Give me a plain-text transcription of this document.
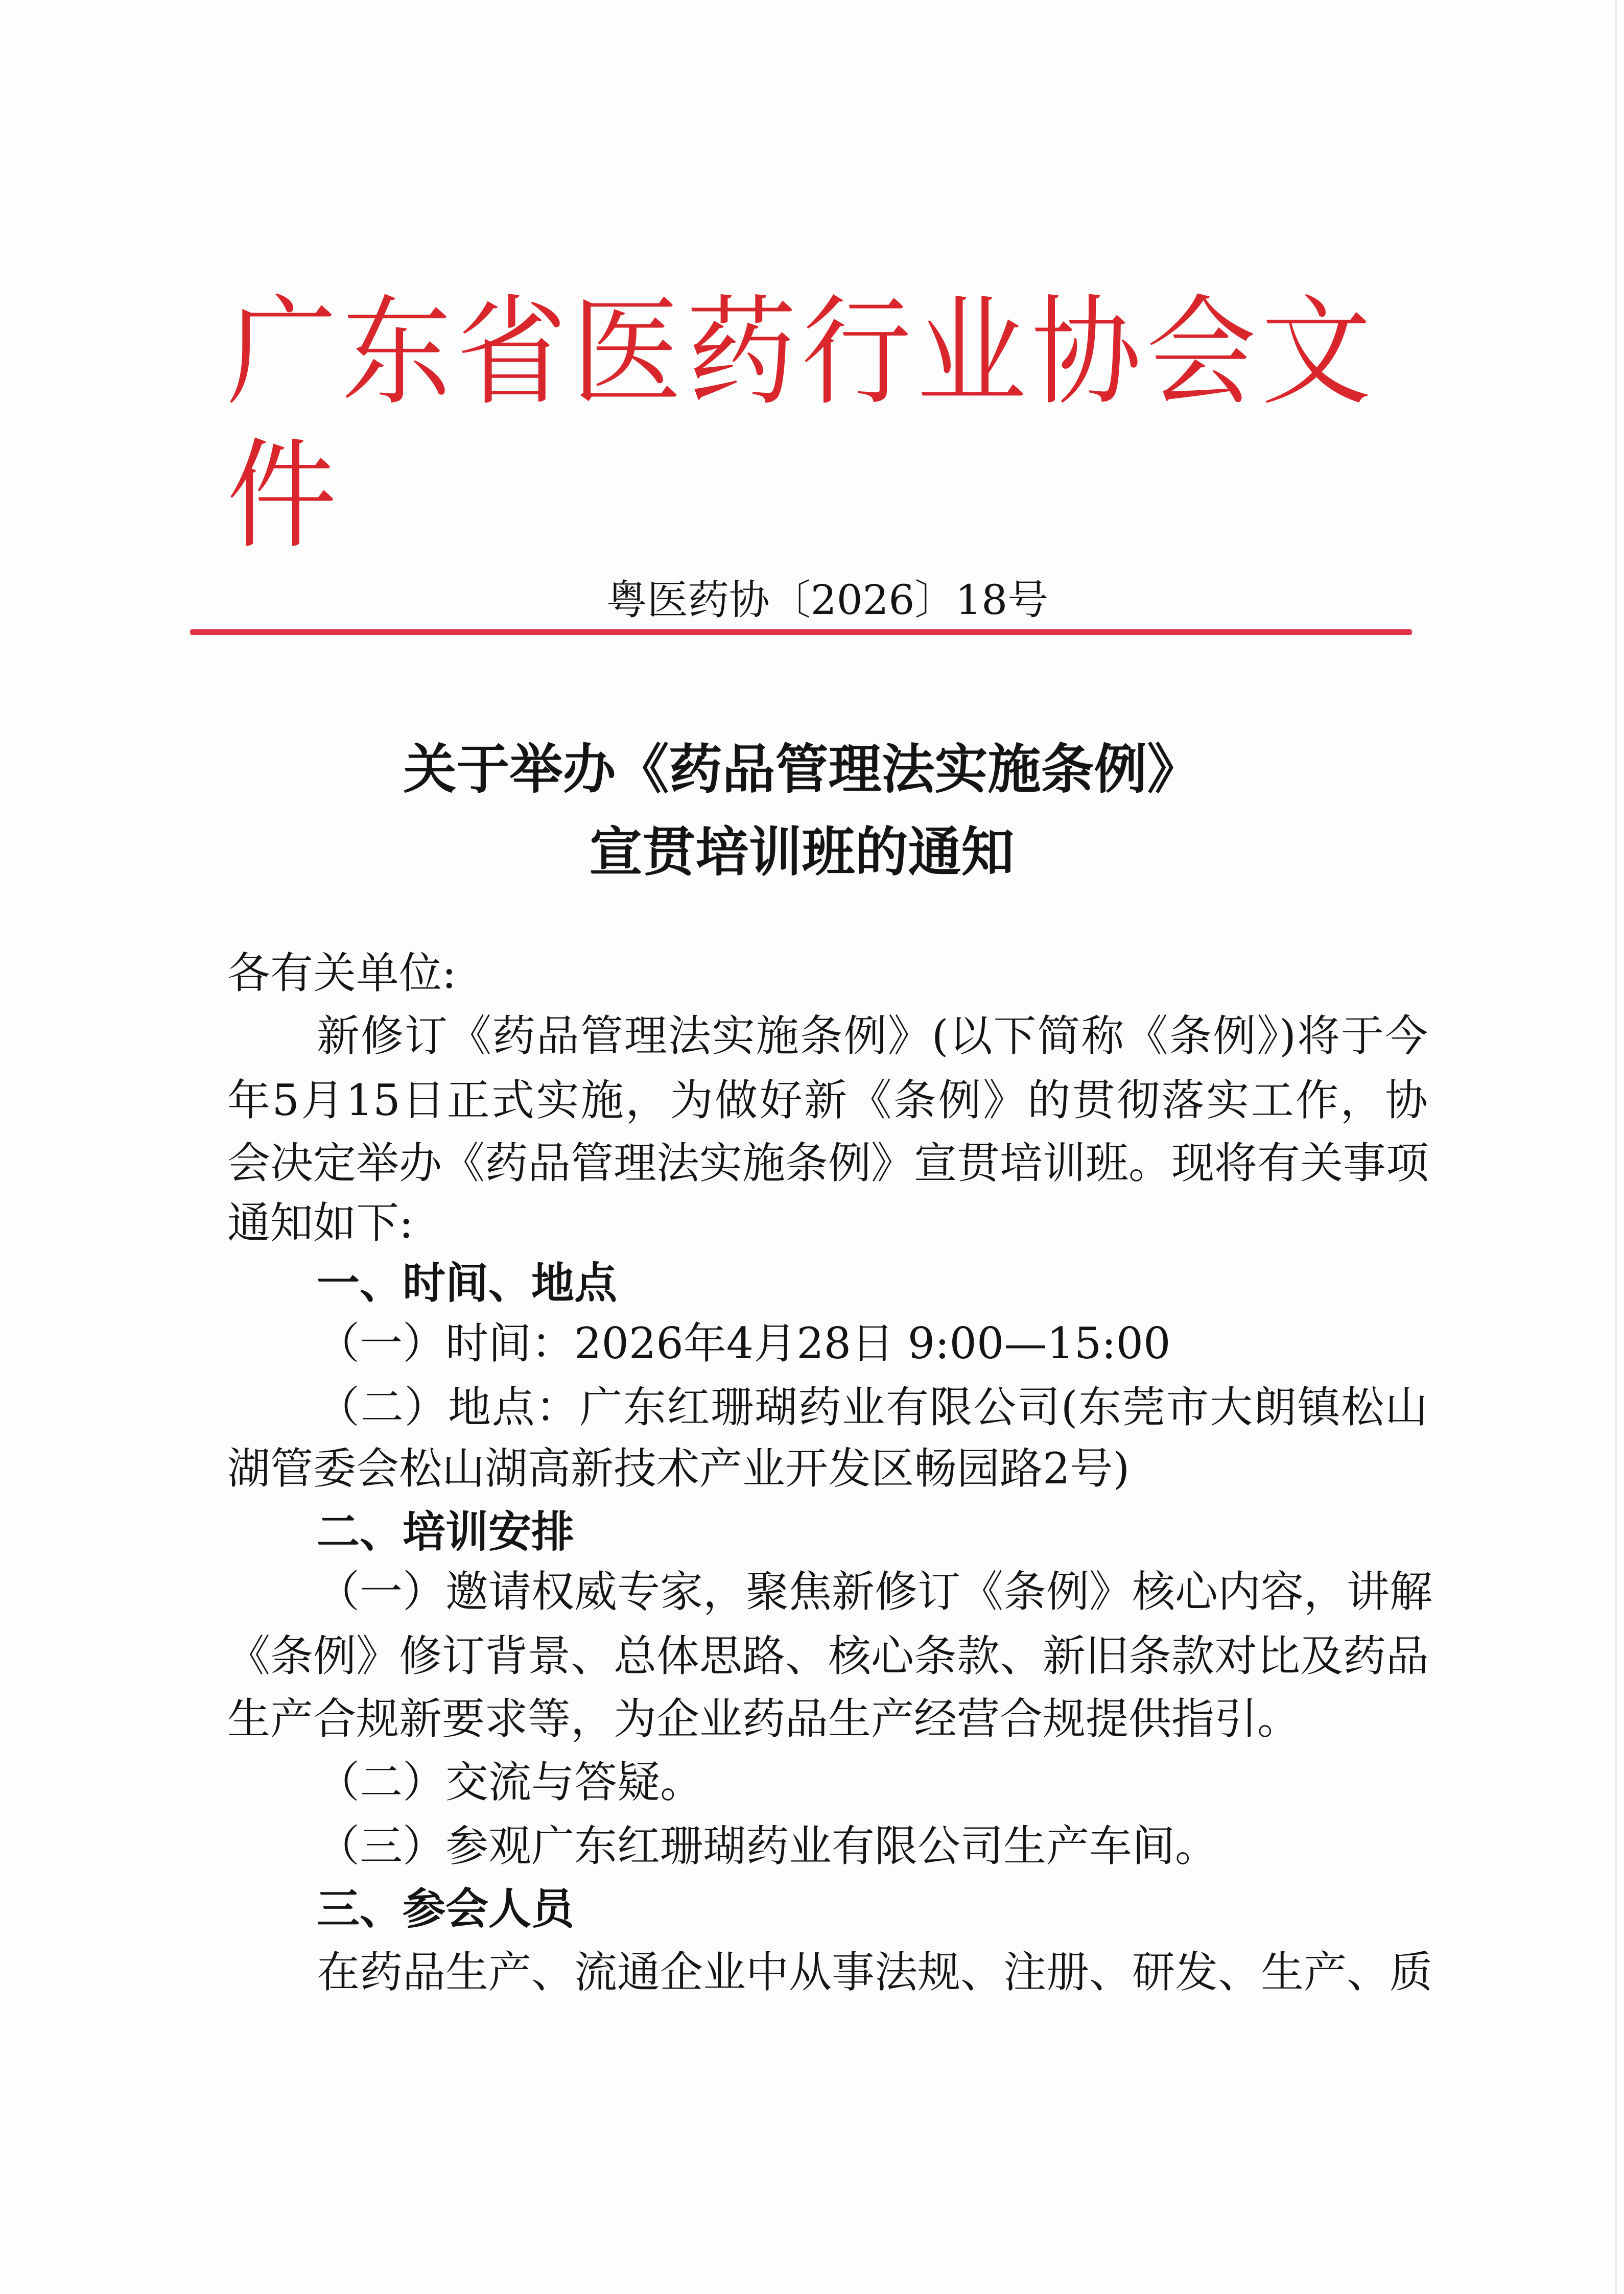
广东省医药行业协会文件
粤医药协〔2026〕18号
关于举办《药品管理法实施条例》
宣贯培训班的通知
各有关单位:
新修订《药品管理法实施条例》(以下简称《条例》)将于今
年5月15日正式实施，为做好新《条例》的贯彻落实工作，协
会决定举办《药品管理法实施条例》宣贯培训班。现将有关事项
通知如下:
一、时间、地点
（一）时间：2026年4月28日 9:00—15:00
（二）地点：广东红珊瑚药业有限公司(东莞市大朗镇松山
湖管委会松山湖高新技术产业开发区畅园路2号)
二、培训安排
（一）邀请权威专家，聚焦新修订《条例》核心内容，讲解
《条例》修订背景、总体思路、核心条款、新旧条款对比及药品
生产合规新要求等，为企业药品生产经营合规提供指引。
（二）交流与答疑。
（三）参观广东红珊瑚药业有限公司生产车间。
三、参会人员
在药品生产、流通企业中从事法规、注册、研发、生产、质
